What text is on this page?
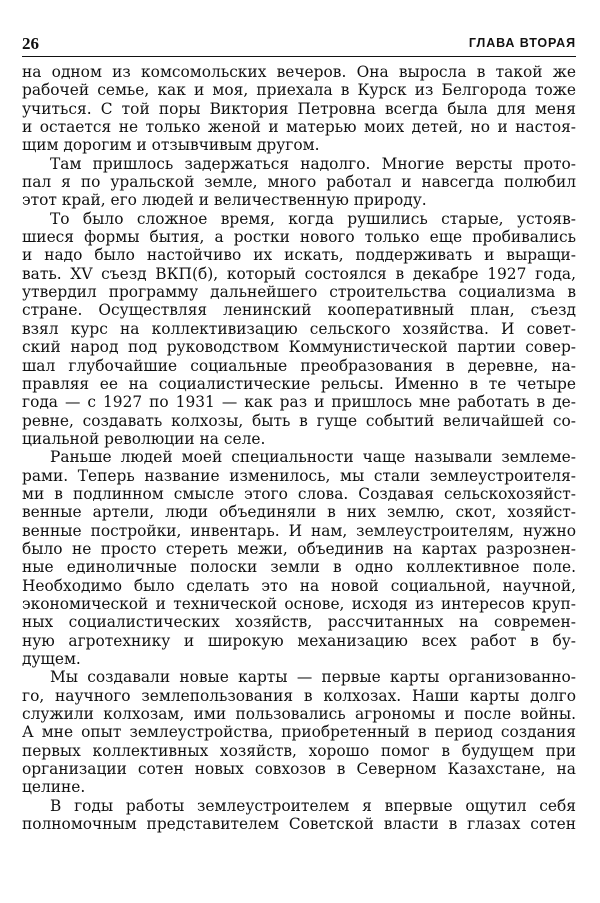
26	ГЛАВА ВТОРАЯ
на одном из комсомольских вечеров. Она выросла в такой же
рабочей семье, как и моя, приехала в Курск из Белгорода тоже
учиться. С той поры Виктория Петровна всегда была для меня
и остается не только женой и матерью моих детей, но и настоя-
щим дорогим и отзывчивым другом.
Там пришлось задержаться надолго. Многие версты прото-
пал я по уральской земле, много работал и навсегда полюбил
этот край, его людей и величественную природу.
То было сложное время, когда рушились старые, устояв-
шиеся формы бытия, а ростки нового только еще пробивались
и надо было настойчиво их искать, поддерживать и выращи-
вать. XV съезд ВКП(б), который состоялся в декабре 1927 года,
утвердил программу дальнейшего строительства социализма в
стране. Осуществляя ленинский кооперативный план, съезд
взял курс на коллективизацию сельского хозяйства. И совет-
ский народ под руководством Коммунистической партии совер-
шал глубочайшие социальные преобразования в деревне, на-
правляя ее на социалистические рельсы. Именно в те четыре
года — с 1927 по 1931 — как раз и пришлось мне работать в де-
ревне, создавать колхозы, быть в гуще событий величайшей со-
циальной революции на селе.
Раньше людей моей специальности чаще называли землемe-
рами. Теперь название изменилось, мы стали землеустроителя-
ми в подлинном смысле этого слова. Создавая сельскохозяйст-
венные артели, люди объединяли в них землю, скот, хозяйст-
венные постройки, инвентарь. И нам, землеустроителям, нужно
было не просто стереть межи, объединив на картах разрознен-
ные единоличные полоски земли в одно коллективное поле.
Необходимо было сделать это на новой социальной, научной,
экономической и технической основе, исходя из интересов круп-
ных социалистических хозяйств, рассчитанных на современ-
ную агротехнику и широкую механизацию всех работ в бу-
дущем.
Мы создавали новые карты — первые карты организованно-
го, научного землепользования в колхозах. Наши карты долго
служили колхозам, ими пользовались агрономы и после войны.
А мне опыт землеустройства, приобретенный в период создания
первых коллективных хозяйств, хорошо помог в будущем при
организации сотен новых совхозов в Северном Казахстане, на
целине.
В годы работы землеустроителем я впервые ощутил себя
полномочным представителем Советской власти в глазах сотен
